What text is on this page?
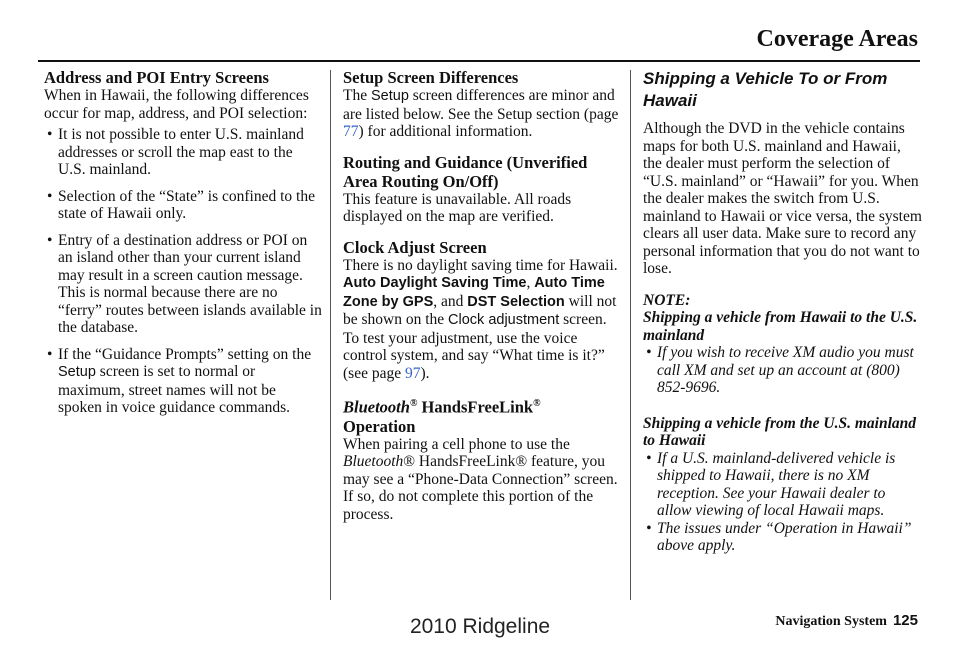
Coverage Areas
Address and POI Entry Screens

When in Hawaii, the following differences occur for map, address, and POI selection:

• It is not possible to enter U.S. mainland addresses or scroll the map east to the U.S. mainland.
• Selection of the “State” is confined to the state of Hawaii only.
• Entry of a destination address or POI on an island other than your current island may result in a screen caution message. This is normal because there are no “ferry” routes between islands available in the database.
• If the “Guidance Prompts” setting on the Setup screen is set to normal or maximum, street names will not be spoken in voice guidance commands.
Setup Screen Differences

The Setup screen differences are minor and are listed below. See the Setup section (page 77) for additional information.

Routing and Guidance (Unverified Area Routing On/Off)

This feature is unavailable. All roads displayed on the map are verified.

Clock Adjust Screen

There is no daylight saving time for Hawaii. Auto Daylight Saving Time, Auto Time Zone by GPS, and DST Selection will not be shown on the Clock adjustment screen. To test your adjustment, use the voice control system, and say “What time is it?” (see page 97).

Bluetooth® HandsFreeLink®
Operation

When pairing a cell phone to use the Bluetooth® HandsFreeLink® feature, you may see a “Phone-Data Connection” screen. If so, do not complete this portion of the process.

Shipping a Vehicle To or From Hawaii

Although the DVD in the vehicle contains maps for both U.S. mainland and Hawaii, the dealer must perform the selection of “U.S. mainland” or “Hawaii” for you. When the dealer makes the switch from U.S. mainland to Hawaii or vice versa, the system clears all user data. Make sure to record any personal information that you do not want to lose.

NOTE:

Shipping a vehicle from Hawaii to the U.S. mainland

• If you wish to receive XM audio you must call XM and set up an account at (800) 852-9696.

Shipping a vehicle from the U.S. mainland to Hawaii

• If a U.S. mainland-delivered vehicle is shipped to Hawaii, there is no XM reception. See your Hawaii dealer to allow viewing of local Hawaii maps.
• The issues under “Operation in Hawaii” above apply.
Navigation System 125
2010 Ridgeline
